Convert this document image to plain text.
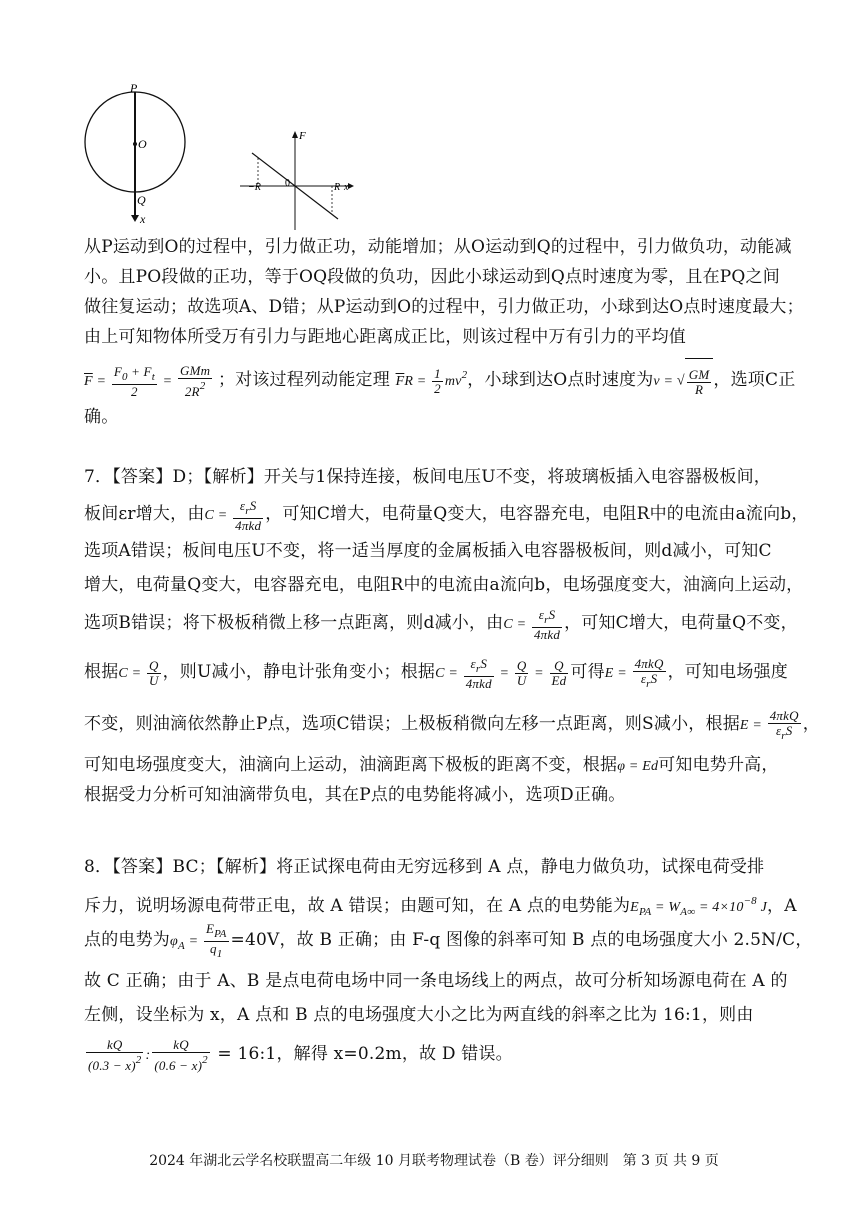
P
O
Q
x
F
0
−R	R x
从P运动到O的过程中，引力做正功，动能增加；从O运动到Q的过程中，引力做负功，动能减
小。且PO段做的正功，等于OQ段做的负功，因此小球运动到Q点时速度为零，且在PQ之间
做往复运动；故选项A、D错；从P运动到O的过程中，引力做正功，小球到达O点时速度最大；
由上可知物体所受万有引力与距地心距离成正比，则该过程中万有引力的平均值
$\overline{F} = \frac{F_0 + F_t}{2} = \frac{\text{GMm}}{2R^2}$ ；对该过程列动能定理 $\overline{F}R = \frac{1}{2} mv^2$，小球到达O点时速度为v = √ $\frac{GM}{R}$ ，选项C正
确。
7．【答案】D；【解析】开关与1保持连接，板间电压U不变，将玻璃板插入电容器极板间，
板间εr增大，由$C = \frac{\varepsilon_rS}{\text{4πkd}}$ ，可知C增大，电荷量Q变大，电容器充电，电阻R中的电流由a流向b，
选项A错误；板间电压U不变，将一适当厚度的金属板插入电容器极板间，则d减小，可知C
增大，电荷量Q变大，电容器充电，电阻R中的电流由a流向b，电场强度变大，油滴向上运动，
选项B错误；将下极板稍微上移一点距离，则d减小，由$C = \frac{\varepsilon_rS}{\text{4πkd}}$ ，可知C增大，电荷量Q不变，
根据$C = \frac{Q}{U}$ ，则U减小，静电计张角变小；根据$C = \frac{\varepsilon_rS}{\text{4πkd}} = \frac{Q}{U} = \frac{Q}{Ed}$ 可得$E = \frac{\text{4πkQ}}{\varepsilon_rS}$ ，可知电场强度
不变，则油滴依然静止P点，选项C错误；上极板稍微向左移一点距离，则S减小，根据$E = \frac{\text{4πkQ}}{\varepsilon_rS}$ ，
可知电场强度变大，油滴向上运动，油滴距离下极板的距离不变，根据φ = Ed可知电势升高，
根据受力分析可知油滴带负电，其在P点的电势能将减小，选项D正确。
8．【答案】BC；【解析】将正试探电荷由无穷远移到 A 点，静电力做负功，试探电荷受排
斥力，说明场源电荷带正电，故 A 错误；由题可知，在 A 点的电势能为$E_{PA} = W_{A\infty} = 4\times 10^{-8}$ J，A
点的电势为$\varphi_A = \frac{E_{PA}}{q_1} =40V$，故 B 正确；由 F-q 图像的斜率可知 B 点的电场强度大小 2.5N/C，
故 C 正确；由于 A、B 是点电荷电场中同一条电场线上的两点，故可分析知场源电荷在 A 的
左侧，设坐标为 x，A 点和 B 点的电场强度大小之比为两直线的斜率之比为 16:1，则由
$\frac{kQ}{(0.3 - x)^2}$ : $\frac{kQ}{(0.6 - x)^2}$ = 16:1，解得 x=0.2m，故 D 错误。
2024 年湖北云学名校联盟高二年级 10 月联考物理试卷（B 卷）评分细则　第 3 页 共 9 页
